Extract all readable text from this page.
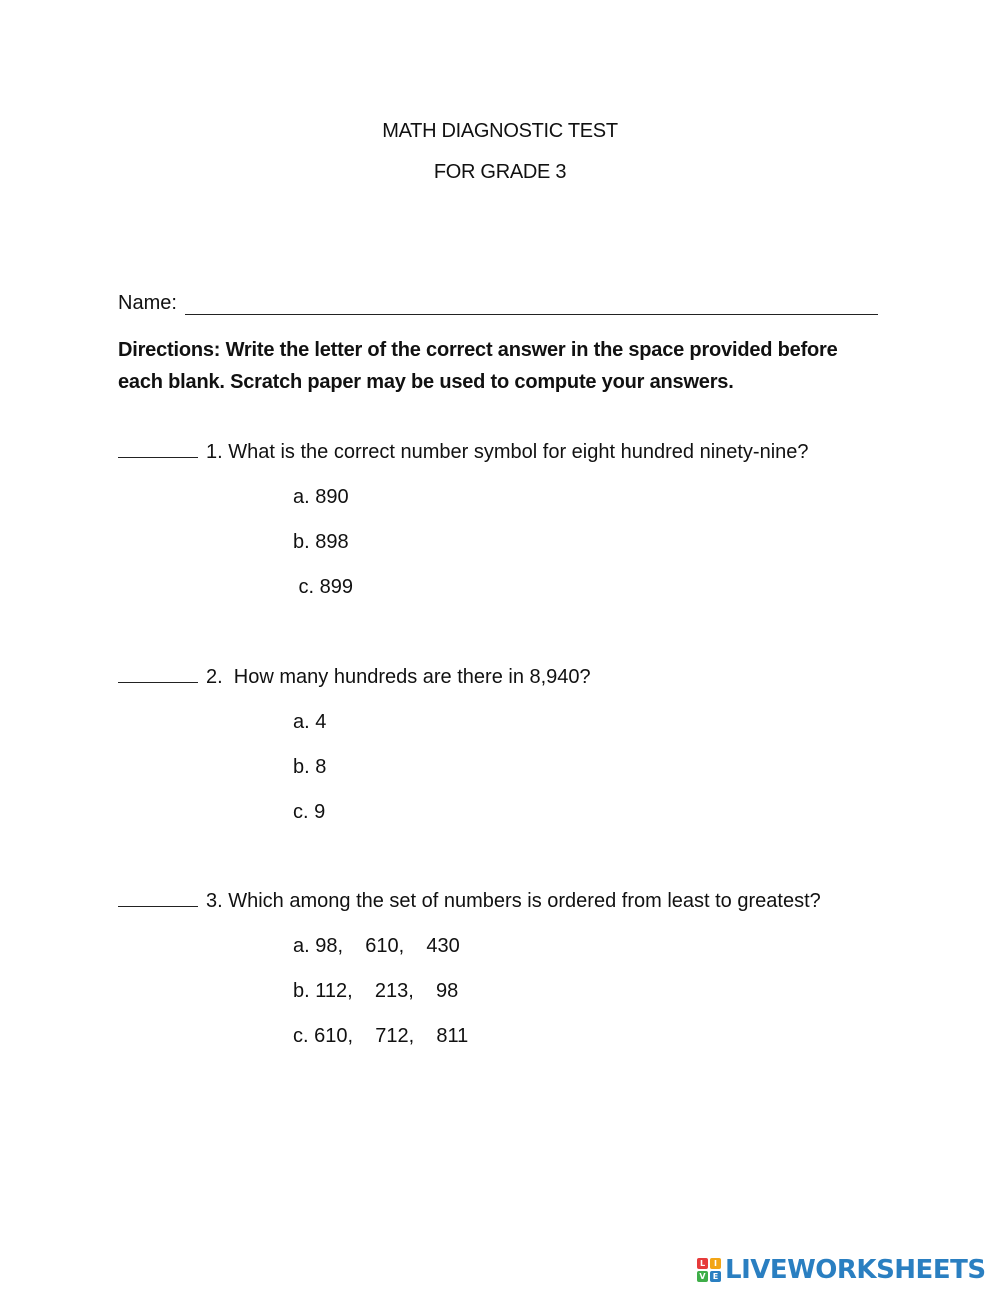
MATH DIAGNOSTIC TEST
FOR GRADE 3
Name:
Directions: Write the letter of the correct answer in the space provided before each blank. Scratch paper may be used to compute your answers.
1. What is the correct number symbol for eight hundred ninety-nine?
a. 890
b. 898
c. 899
2.  How many hundreds are there in 8,940?
a. 4
b. 8
c. 9
3. Which among the set of numbers is ordered from least to greatest?
a. 98,    610,    430
b. 112,    213,    98
c. 610,    712,    811
L	I
V E LIVEWORKSHEETS
